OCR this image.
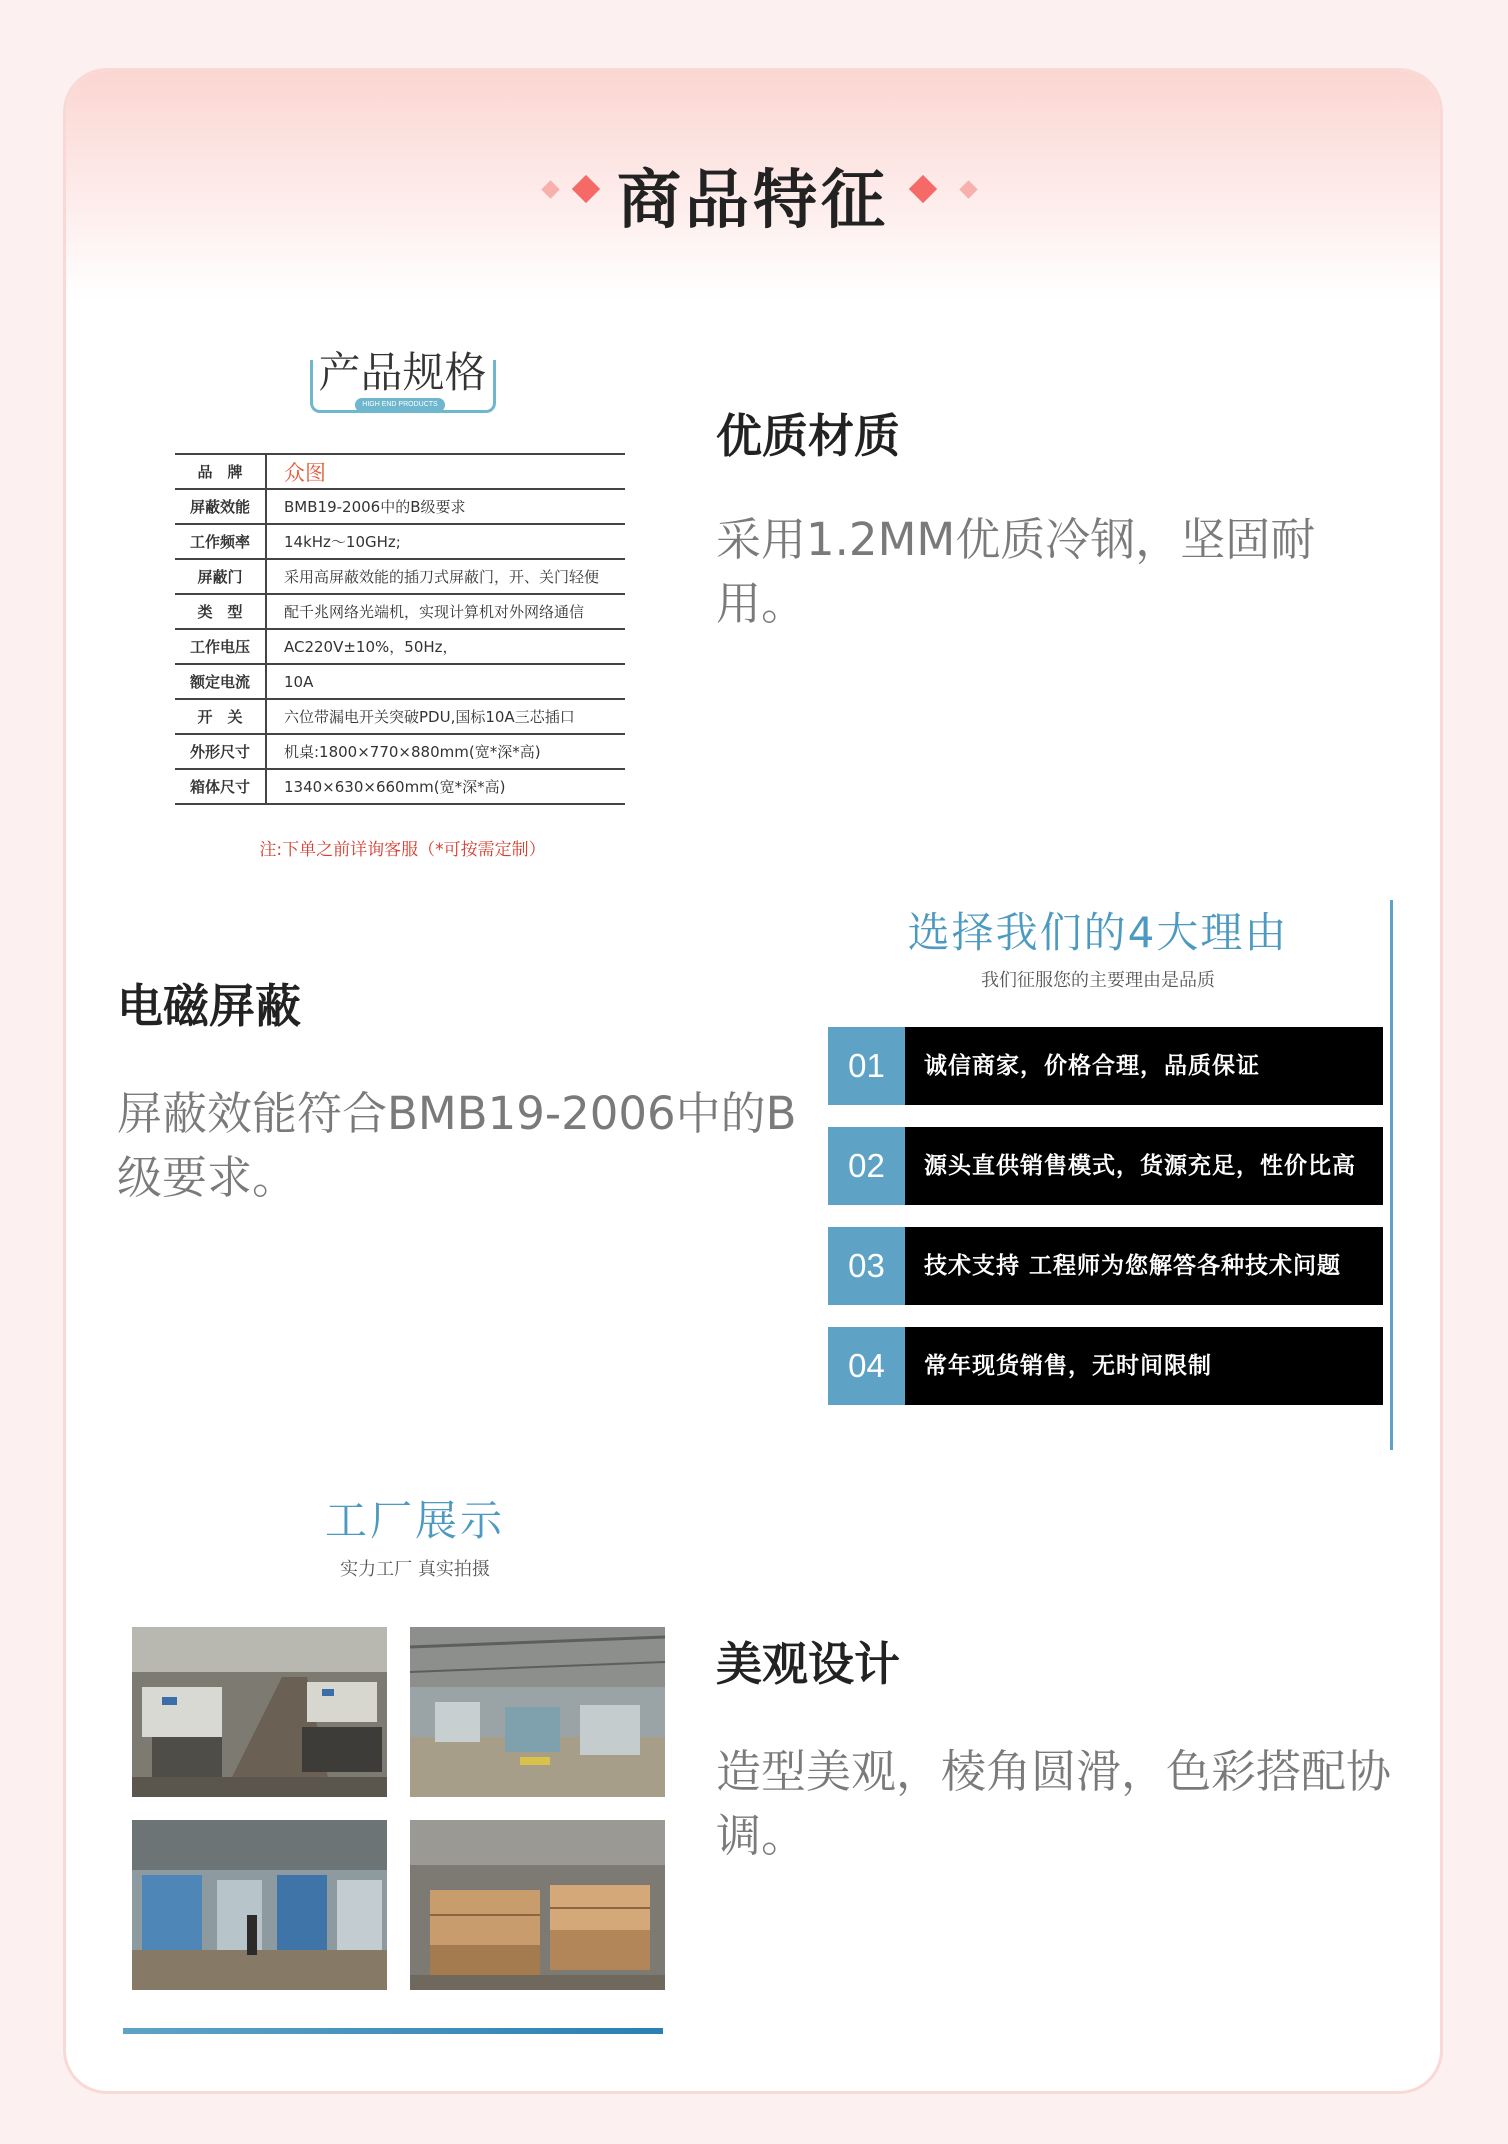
商品特征
产品规格
HIGH END PRODUCTS
品　牌	众图
屏蔽效能	BMB19-2006中的B级要求
工作频率	14kHz～10GHz;
屏蔽门	采用高屏蔽效能的插刀式屏蔽门，开、关门轻便
类　型	配千兆网络光端机，实现计算机对外网络通信
工作电压	AC220V±10%，50Hz，
额定电流	10A
开　关	六位带漏电开关突破PDU,国标10A三芯插口
外形尺寸	机桌:1800×770×880mm(宽*深*高)
箱体尺寸	1340×630×660mm(宽*深*高)
注:下单之前详询客服（*可按需定制）
优质材质
采用1.2MM优质冷钢，坚固耐用。
电磁屏蔽
屏蔽效能符合BMB19-2006中的B级要求。
选择我们的4大理由
我们征服您的主要理由是品质
01	诚信商家，价格合理，品质保证
02	源头直供销售模式，货源充足，性价比高
03	技术支持 工程师为您解答各种技术问题
04	常年现货销售，无时间限制
工厂展示
实力工厂 真实拍摄
美观设计
造型美观，棱角圆滑，色彩搭配协调。
